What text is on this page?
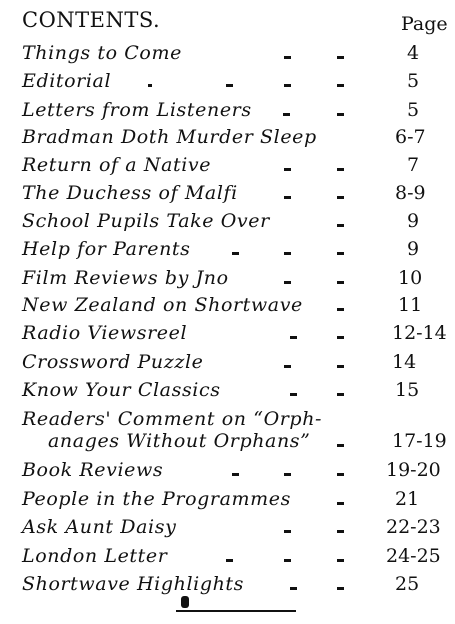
CONTENTS.	Page
Things to Come	4
Editorial	5
Letters from Listeners	5
Bradman Doth Murder Sleep	6-7
Return of a Native	7
The Duchess of Malfi	8-9
School Pupils Take Over	9
Help for Parents	9
Film Reviews by Jno	10
New Zealand on Shortwave	11
Radio Viewsreel	12-14
Crossword Puzzle	14
Know Your Classics	15
Readers' Comment on “Orph-
anages Without Orphans”	17-19
Book Reviews	19-20
People in the Programmes	21
Ask Aunt Daisy	22-23
London Letter	24-25
Shortwave Highlights	25
